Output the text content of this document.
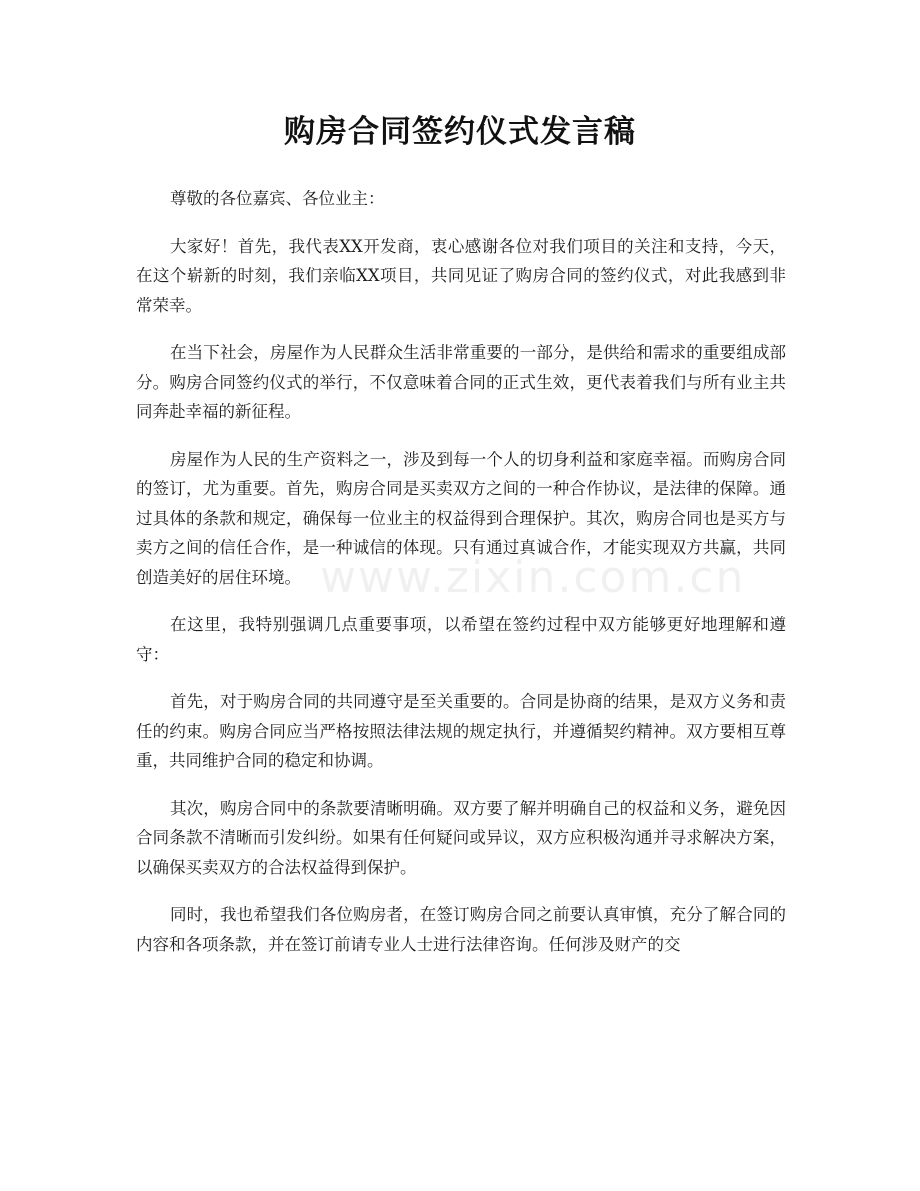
购房合同签约仪式发言稿
www.zixin.com.cn

尊敬的各位嘉宾、各位业主：

大家好！首先，我代表XX开发商，衷心感谢各位对我们项目的关注和支持，今天，在这个崭新的时刻，我们亲临XX项目，共同见证了购房合同的签约仪式，对此我感到非常荣幸。

在当下社会，房屋作为人民群众生活非常重要的一部分，是供给和需求的重要组成部分。购房合同签约仪式的举行，不仅意味着合同的正式生效，更代表着我们与所有业主共同奔赴幸福的新征程。

房屋作为人民的生产资料之一，涉及到每一个人的切身利益和家庭幸福。而购房合同的签订，尤为重要。首先，购房合同是买卖双方之间的一种合作协议，是法律的保障。通过具体的条款和规定，确保每一位业主的权益得到合理保护。其次，购房合同也是买方与卖方之间的信任合作，是一种诚信的体现。只有通过真诚合作，才能实现双方共赢，共同创造美好的居住环境。

在这里，我特别强调几点重要事项，以希望在签约过程中双方能够更好地理解和遵守：

首先，对于购房合同的共同遵守是至关重要的。合同是协商的结果，是双方义务和责任的约束。购房合同应当严格按照法律法规的规定执行，并遵循契约精神。双方要相互尊重，共同维护合同的稳定和协调。

其次，购房合同中的条款要清晰明确。双方要了解并明确自己的权益和义务，避免因合同条款不清晰而引发纠纷。如果有任何疑问或异议，双方应积极沟通并寻求解决方案，以确保买卖双方的合法权益得到保护。

同时，我也希望我们各位购房者，在签订购房合同之前要认真审慎，充分了解合同的内容和各项条款，并在签订前请专业人士进行法律咨询。任何涉及财产的交
